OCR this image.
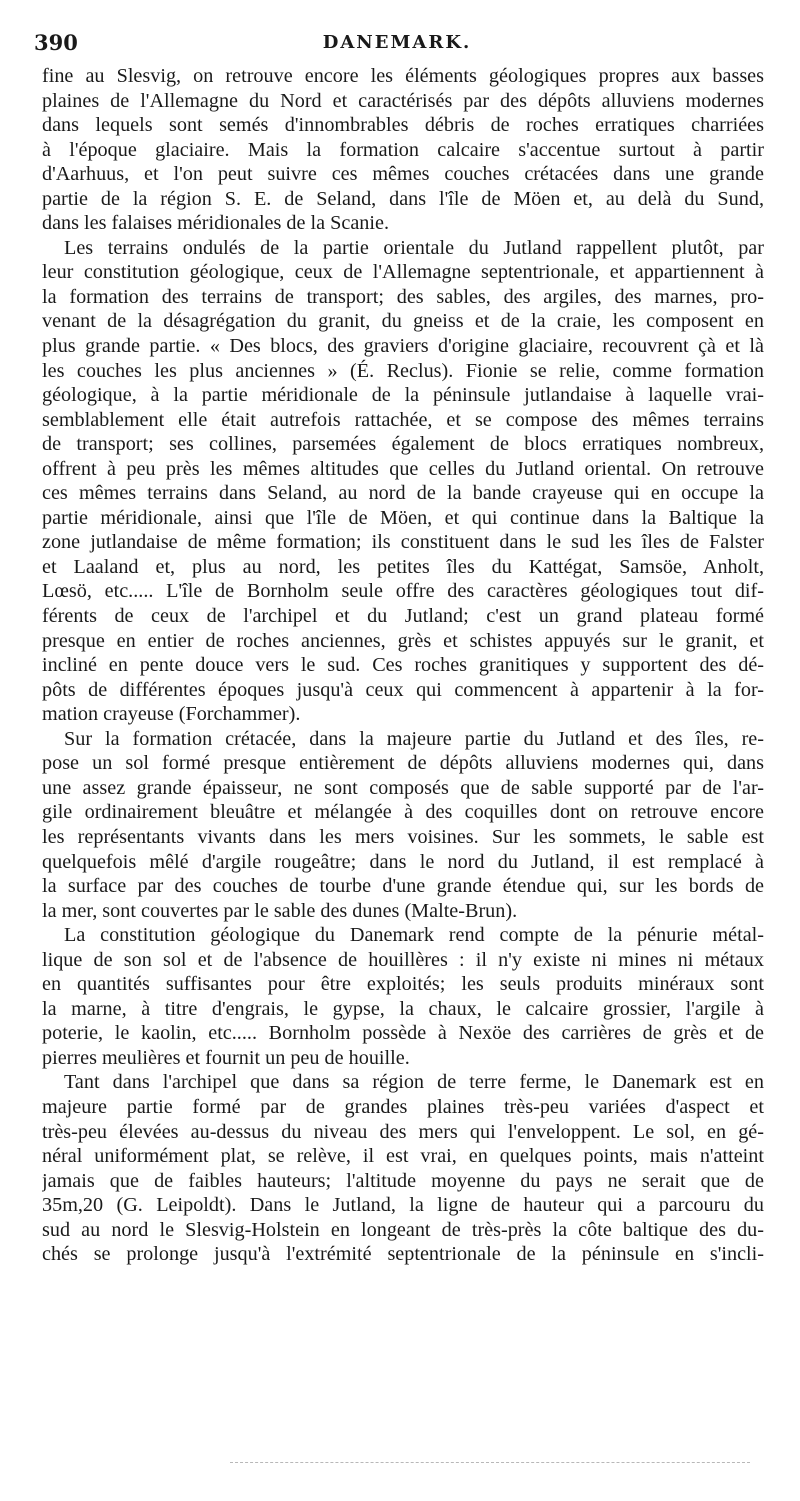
390	DANEMARK.
fine au Slesvig, on retrouve encore les éléments géologiques propres aux basses
plaines de l'Allemagne du Nord et caractérisés par des dépôts alluviens modernes
dans lequels sont semés d'innombrables débris de roches erratiques charriées
à l'époque glaciaire. Mais la formation calcaire s'accentue surtout à partir
d'Aarhuus, et l'on peut suivre ces mêmes couches crétacées dans une grande
partie de la région S. E. de Seland, dans l'île de Möen et, au delà du Sund,
dans les falaises méridionales de la Scanie.
Les terrains ondulés de la partie orientale du Jutland rappellent plutôt, par
leur constitution géologique, ceux de l'Allemagne septentrionale, et appartiennent à
la formation des terrains de transport; des sables, des argiles, des marnes, pro-
venant de la désagrégation du granit, du gneiss et de la craie, les composent en
plus grande partie. « Des blocs, des graviers d'origine glaciaire, recouvrent çà et là
les couches les plus anciennes » (É. Reclus). Fionie se relie, comme formation
géologique, à la partie méridionale de la péninsule jutlandaise à laquelle vrai-
semblablement elle était autrefois rattachée, et se compose des mêmes terrains
de transport; ses collines, parsemées également de blocs erratiques nombreux,
offrent à peu près les mêmes altitudes que celles du Jutland oriental. On retrouve
ces mêmes terrains dans Seland, au nord de la bande crayeuse qui en occupe la
partie méridionale, ainsi que l'île de Möen, et qui continue dans la Baltique la
zone jutlandaise de même formation; ils constituent dans le sud les îles de Falster
et Laaland et, plus au nord, les petites îles du Kattégat, Samsöe, Anholt,
Lœsö, etc..... L'île de Bornholm seule offre des caractères géologiques tout dif-
férents de ceux de l'archipel et du Jutland; c'est un grand plateau formé
presque en entier de roches anciennes, grès et schistes appuyés sur le granit, et
incliné en pente douce vers le sud. Ces roches granitiques y supportent des dé-
pôts de différentes époques jusqu'à ceux qui commencent à appartenir à la for-
mation crayeuse (Forchammer).
Sur la formation crétacée, dans la majeure partie du Jutland et des îles, re-
pose un sol formé presque entièrement de dépôts alluviens modernes qui, dans
une assez grande épaisseur, ne sont composés que de sable supporté par de l'ar-
gile ordinairement bleuâtre et mélangée à des coquilles dont on retrouve encore
les représentants vivants dans les mers voisines. Sur les sommets, le sable est
quelquefois mêlé d'argile rougeâtre; dans le nord du Jutland, il est remplacé à
la surface par des couches de tourbe d'une grande étendue qui, sur les bords de
la mer, sont couvertes par le sable des dunes (Malte-Brun).
La constitution géologique du Danemark rend compte de la pénurie métal-
lique de son sol et de l'absence de houillères : il n'y existe ni mines ni métaux
en quantités suffisantes pour être exploités; les seuls produits minéraux sont
la marne, à titre d'engrais, le gypse, la chaux, le calcaire grossier, l'argile à
poterie, le kaolin, etc..... Bornholm possède à Nexöe des carrières de grès et de
pierres meulières et fournit un peu de houille.
Tant dans l'archipel que dans sa région de terre ferme, le Danemark est en
majeure partie formé par de grandes plaines très-peu variées d'aspect et
très-peu élevées au-dessus du niveau des mers qui l'enveloppent. Le sol, en gé-
néral uniformément plat, se relève, il est vrai, en quelques points, mais n'atteint
jamais que de faibles hauteurs; l'altitude moyenne du pays ne serait que de
35m,20 (G. Leipoldt). Dans le Jutland, la ligne de hauteur qui a parcouru du
sud au nord le Slesvig-Holstein en longeant de très-près la côte baltique des du-
chés se prolonge jusqu'à l'extrémité septentrionale de la péninsule en s'incli-
